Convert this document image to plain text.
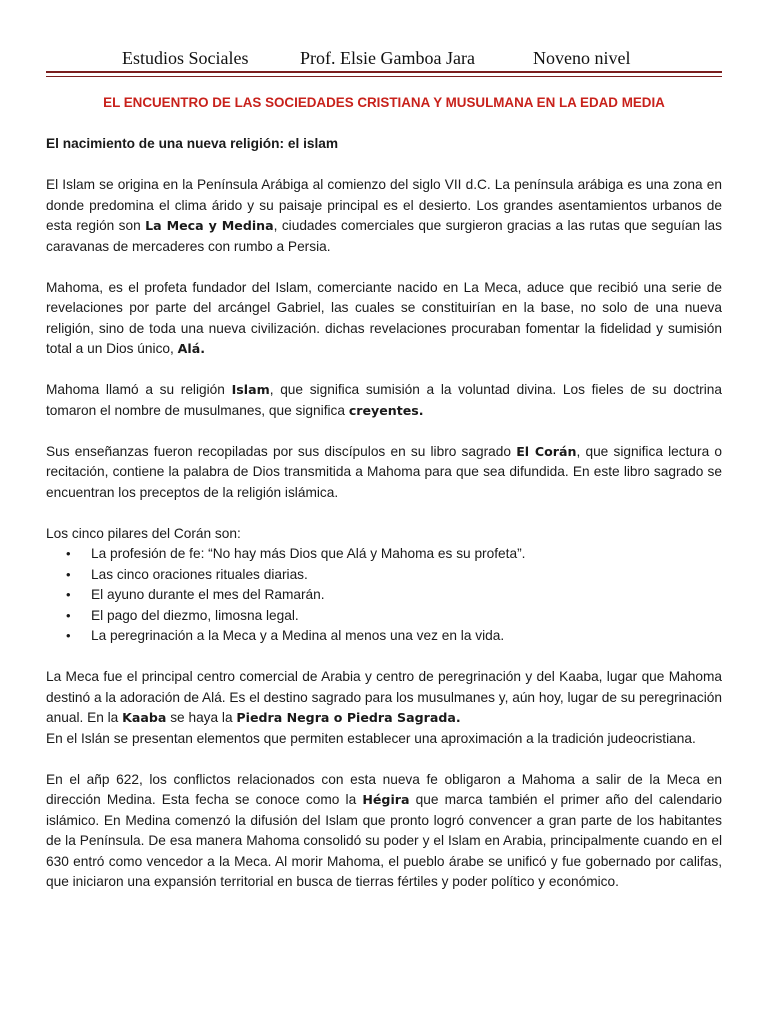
Estudios Sociales	Prof. Elsie Gamboa Jara	Noveno nivel
EL ENCUENTRO DE LAS SOCIEDADES CRISTIANA Y MUSULMANA EN LA EDAD MEDIA
El nacimiento de una nueva religión: el islam

El Islam se origina en la Península Arábiga al comienzo del siglo VII d.C. La península arábiga es una zona en donde predomina el clima árido y su paisaje principal es el desierto. Los grandes asentamientos urbanos de esta región son La Meca y Medina, ciudades comerciales que surgieron gracias a las rutas que seguían las caravanas de mercaderes con rumbo a Persia.

Mahoma, es el profeta fundador del Islam, comerciante nacido en La Meca, aduce que recibió una serie de revelaciones por parte del arcángel Gabriel, las cuales se constituirían en la base, no solo de una nueva religión, sino de toda una nueva civilización. dichas revelaciones procuraban fomentar la fidelidad y sumisión total a un Dios único, Alá.

Mahoma llamó a su religión Islam, que significa sumisión a la voluntad divina. Los fieles de su doctrina tomaron el nombre de musulmanes, que significa creyentes.

Sus enseñanzas fueron recopiladas por sus discípulos en su libro sagrado El Corán, que significa lectura o recitación, contiene la palabra de Dios transmitida a Mahoma para que sea difundida. En este libro sagrado se encuentran los preceptos de la religión islámica.

Los cinco pilares del Corán son:
• La profesión de fe: “No hay más Dios que Alá y Mahoma es su profeta”.
• Las cinco oraciones rituales diarias.
• El ayuno durante el mes del Ramarán.
• El pago del diezmo, limosna legal.
• La peregrinación a la Meca y a Medina al menos una vez en la vida.

La Meca fue el principal centro comercial de Arabia y centro de peregrinación y del Kaaba, lugar que Mahoma destinó a la adoración de Alá. Es el destino sagrado para los musulmanes y, aún hoy, lugar de su peregrinación anual. En la Kaaba se haya la Piedra Negra o Piedra Sagrada.

En el Islán se presentan elementos que permiten establecer una aproximación a la tradición judeocristiana.

En el añp 622, los conflictos relacionados con esta nueva fe obligaron a Mahoma a salir de la Meca en dirección Medina. Esta fecha se conoce como la Hégira que marca también el primer año del calendario islámico. En Medina comenzó la difusión del Islam que pronto logró convencer a gran parte de los habitantes de la Península. De esa manera Mahoma consolidó su poder y el Islam en Arabia, principalmente cuando en el 630 entró como vencedor a la Meca. Al morir Mahoma, el pueblo árabe se unificó y fue gobernado por califas, que iniciaron una expansión territorial en busca de tierras fértiles y poder político y económico.
